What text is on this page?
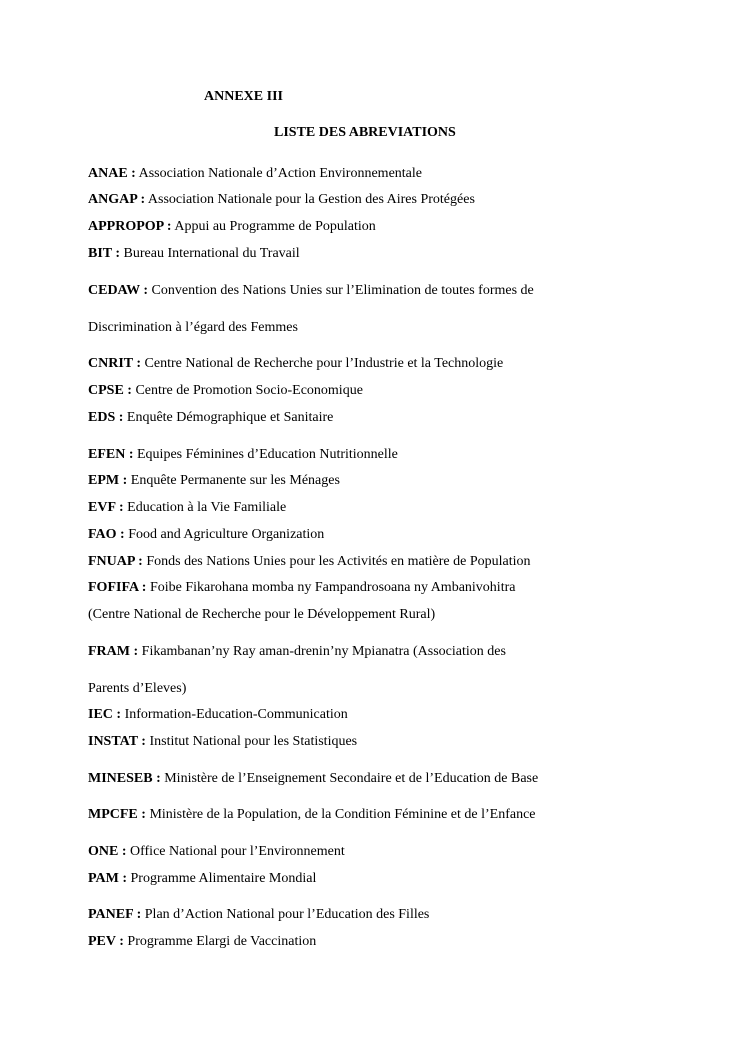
ANNEXE III
LISTE DES ABREVIATIONS
ANAE : Association Nationale d’Action Environnementale
ANGAP : Association Nationale pour la Gestion des Aires Protégées
APPROPOP : Appui au Programme de Population
BIT : Bureau International du Travail
CEDAW : Convention des Nations Unies sur l’Elimination de toutes formes de
Discrimination à l’égard des Femmes
CNRIT : Centre National de Recherche pour l’Industrie et la Technologie
CPSE : Centre de Promotion Socio-Economique
EDS : Enquête Démographique et Sanitaire
EFEN : Equipes Féminines d’Education Nutritionnelle
EPM : Enquête Permanente sur les Ménages
EVF : Education à la Vie Familiale
FAO : Food and Agriculture Organization
FNUAP : Fonds des Nations Unies pour les Activités en matière de Population
FOFIFA : Foibe Fikarohana momba ny Fampandrosoana ny Ambanivohitra
(Centre National de Recherche pour le Développement Rural)
FRAM : Fikambanan’ny Ray aman-drenin’ny Mpianatra (Association des
Parents d’Eleves)
IEC : Information-Education-Communication
INSTAT : Institut National pour les Statistiques
MINESEB : Ministère de l’Enseignement Secondaire et de l’Education de Base
MPCFE : Ministère de la Population, de la Condition Féminine et de l’Enfance
ONE : Office National pour l’Environnement
PAM : Programme Alimentaire Mondial
PANEF : Plan d’Action National pour l’Education des Filles
PEV : Programme Elargi de Vaccination
